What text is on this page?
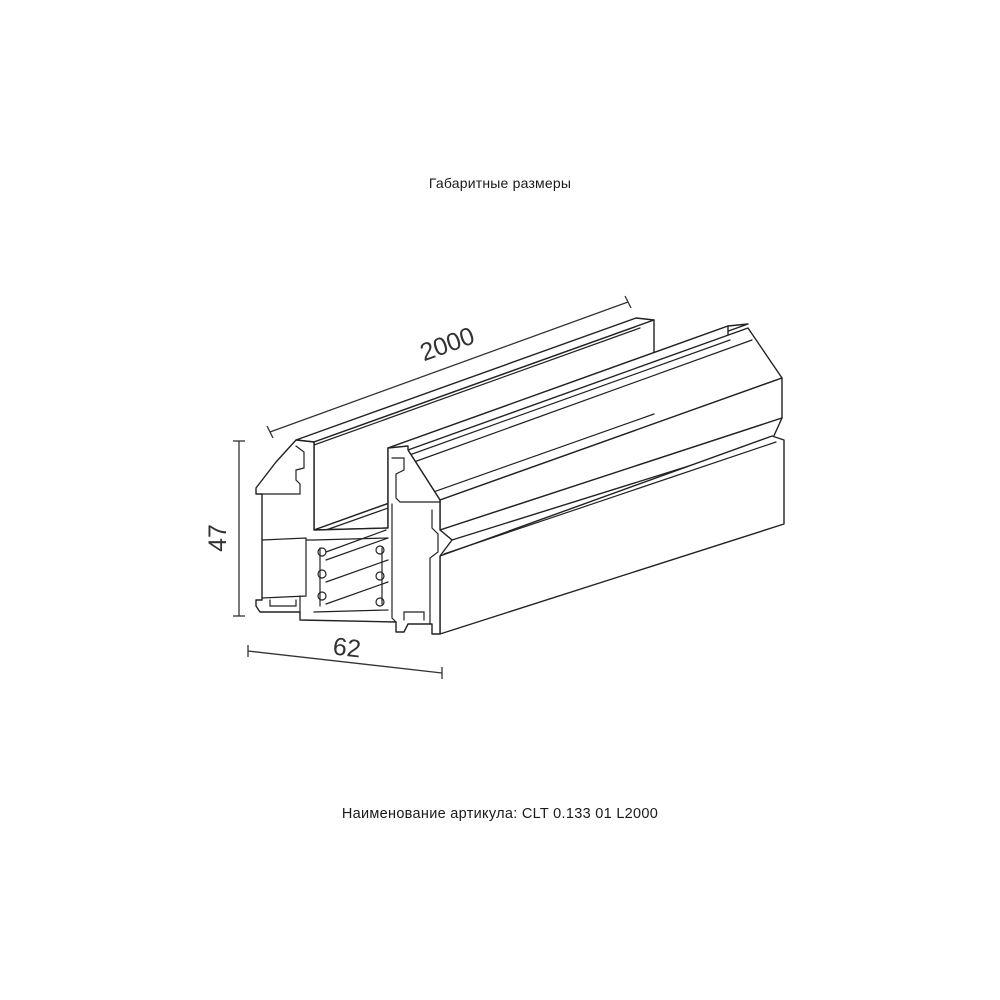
Габаритные размеры
2000
47
62
Наименование артикула: CLT 0.133 01 L2000
